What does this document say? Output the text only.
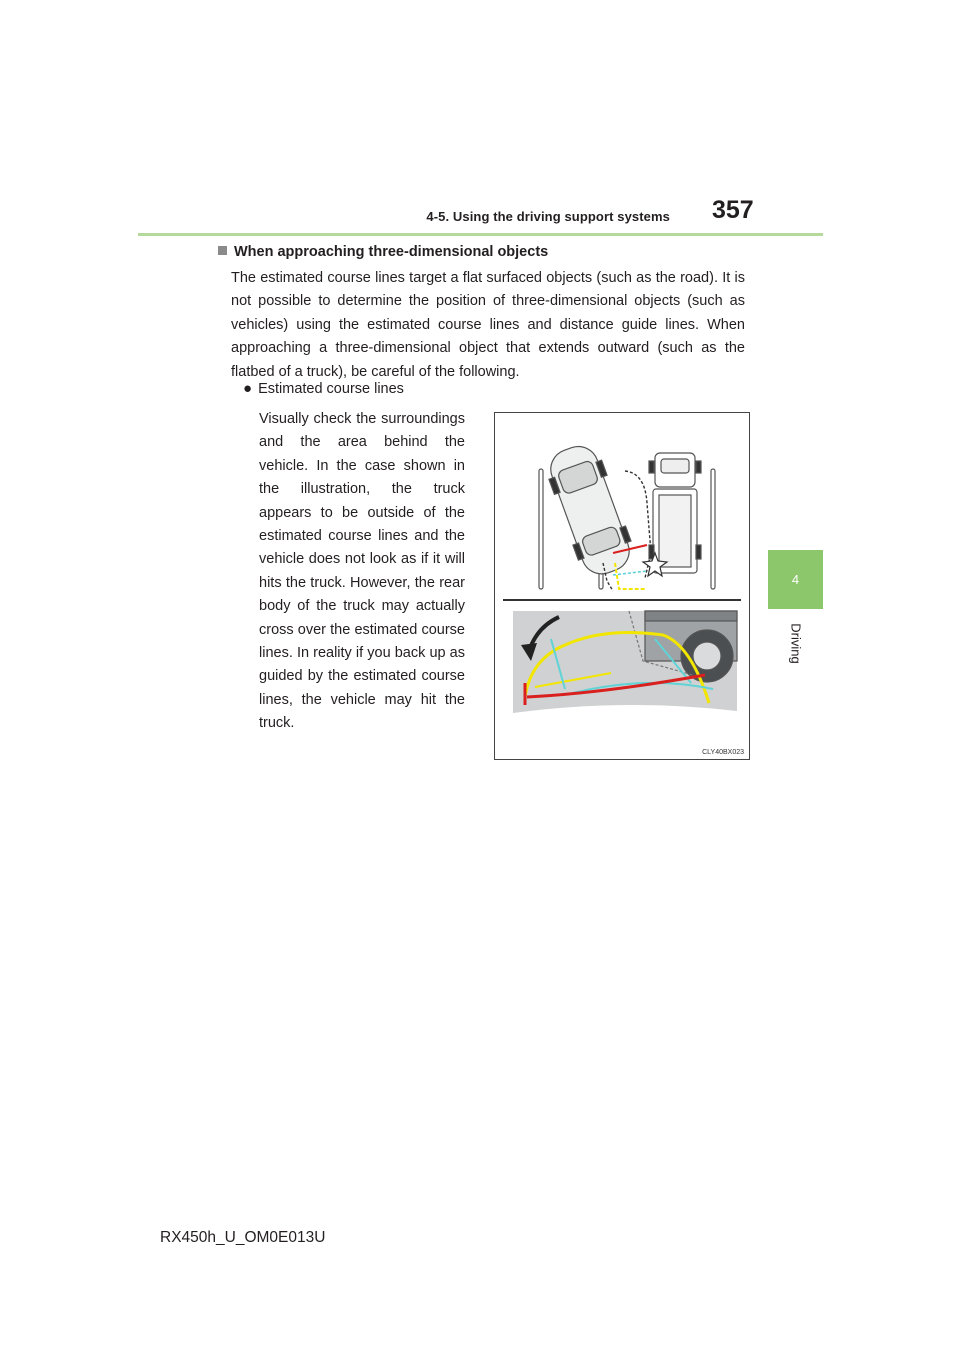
4-5. Using the driving support systems 357
4
Driving
When approaching three-dimensional objects
The estimated course lines target a flat surfaced objects (such as the road). It is not possible to determine the position of three-dimensional objects (such as vehicles) using the estimated course lines and distance guide lines. When approaching a three-dimensional object that extends outward (such as the flatbed of a truck), be careful of the following.
● Estimated course lines
Visually check the surroundings and the area behind the vehicle. In the case shown in the illustration, the truck appears to be outside of the estimated course lines and the vehicle does not look as if it will hits the truck. However, the rear body of the truck may actually cross over the estimated course lines. In reality if you back up as guided by the estimated course lines, the vehicle may hit the truck.
CLY40BX023
RX450h_U_OM0E013U
